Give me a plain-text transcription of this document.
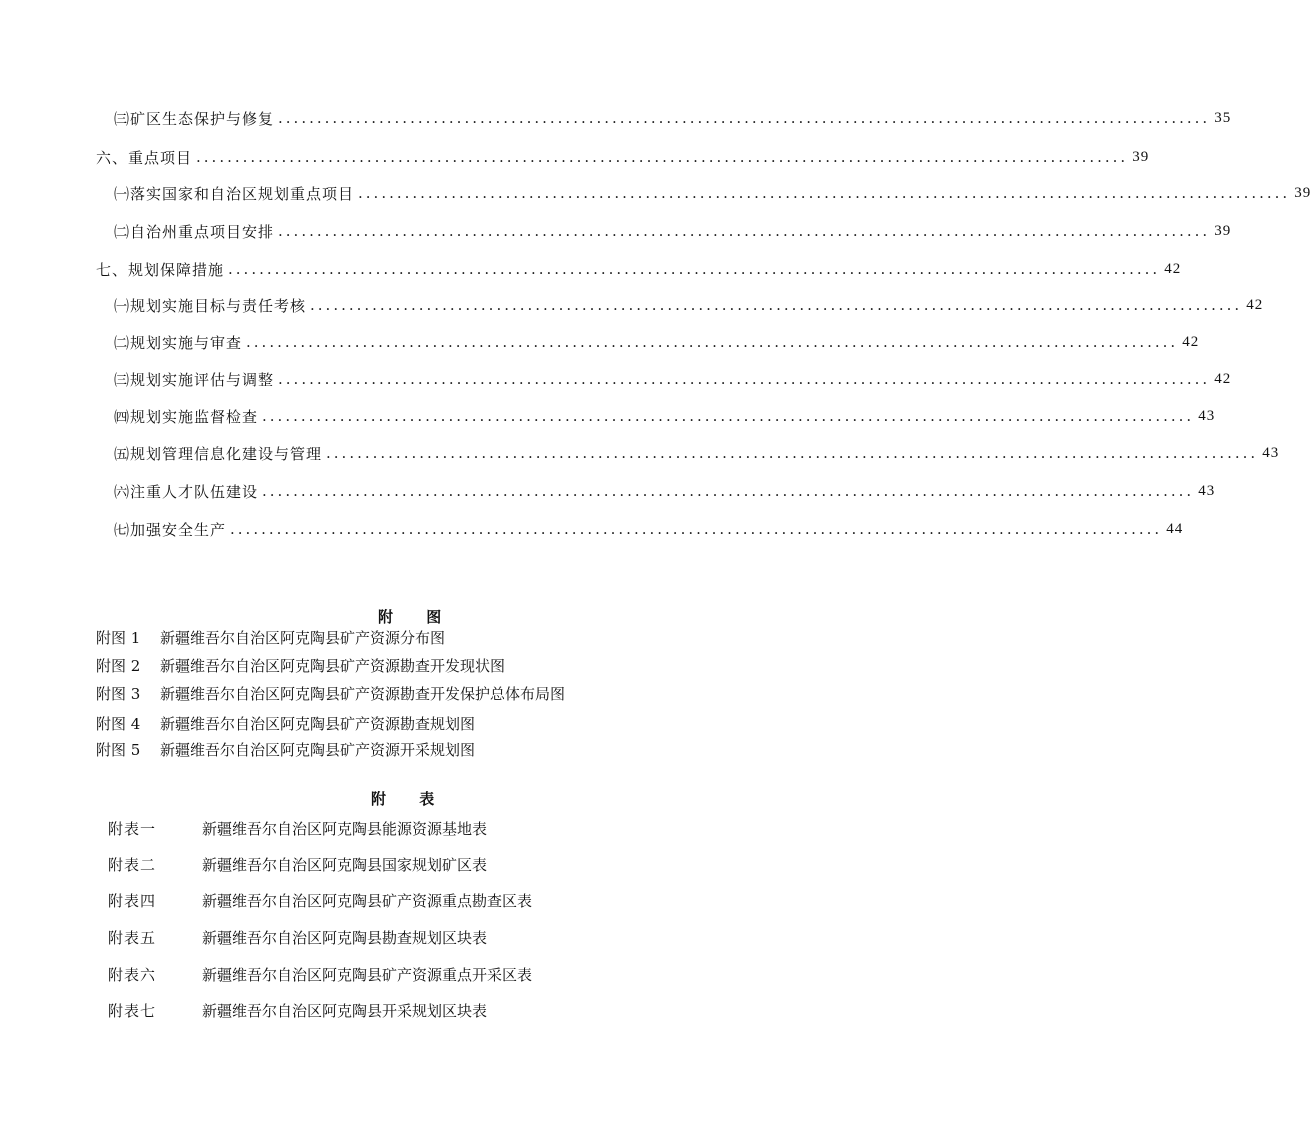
㈢矿区生态保护与修复 ........................................................................................................................ 35
六、重点项目 ........................................................................................................................ 39
㈠落实国家和自治区规划重点项目 ........................................................................................................................ 39
㈡自治州重点项目安排 ........................................................................................................................ 39
七、规划保障措施 ........................................................................................................................ 42
㈠规划实施目标与责任考核 ........................................................................................................................ 42
㈡规划实施与审查 ........................................................................................................................ 42
㈢规划实施评估与调整 ........................................................................................................................ 42
㈣规划实施监督检查 ........................................................................................................................ 43
㈤规划管理信息化建设与管理 ........................................................................................................................ 43
㈥注重人才队伍建设 ........................................................................................................................ 43
㈦加强安全生产 ........................................................................................................................ 44
附 图
附图 1 新疆维吾尔自治区阿克陶县矿产资源分布图
附图 2 新疆维吾尔自治区阿克陶县矿产资源勘查开发现状图
附图 3 新疆维吾尔自治区阿克陶县矿产资源勘查开发保护总体布局图
附图 4 新疆维吾尔自治区阿克陶县矿产资源勘查规划图
附图 5 新疆维吾尔自治区阿克陶县矿产资源开采规划图
附 表
附表一	新疆维吾尔自治区阿克陶县能源资源基地表
附表二	新疆维吾尔自治区阿克陶县国家规划矿区表
附表四	新疆维吾尔自治区阿克陶县矿产资源重点勘查区表
附表五	新疆维吾尔自治区阿克陶县勘查规划区块表
附表六	新疆维吾尔自治区阿克陶县矿产资源重点开采区表
附表七	新疆维吾尔自治区阿克陶县开采规划区块表
